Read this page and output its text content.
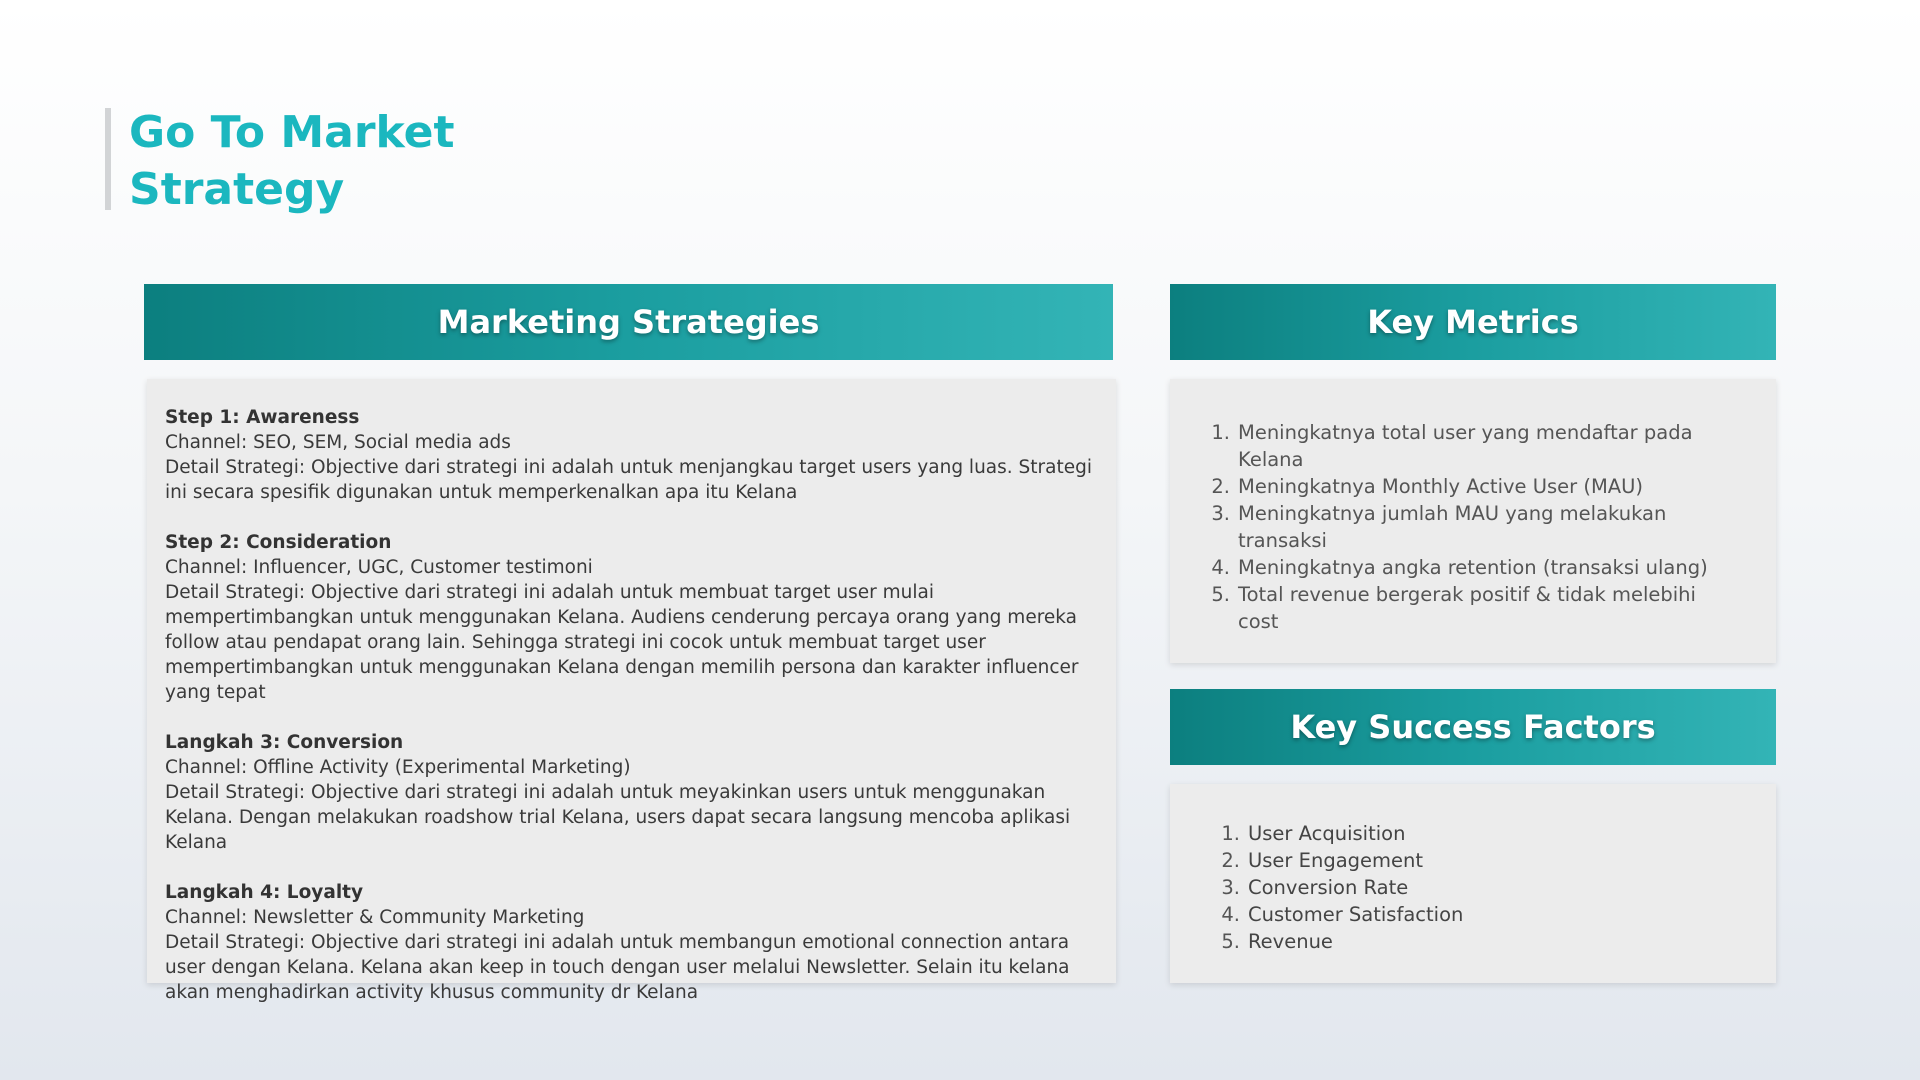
Go To Market
Strategy
Marketing Strategies
Step 1: Awareness
Channel: SEO, SEM, Social media ads
Detail Strategi: Objective dari strategi ini adalah untuk menjangkau target users yang luas. Strategi ini secara spesifik digunakan untuk memperkenalkan apa itu Kelana
Step 2: Consideration
Channel: Influencer, UGC, Customer testimoni
Detail Strategi: Objective dari strategi ini adalah untuk membuat target user mulai mempertimbangkan untuk menggunakan Kelana. Audiens cenderung percaya orang yang mereka follow atau pendapat orang lain. Sehingga strategi ini cocok untuk membuat target user mempertimbangkan untuk menggunakan Kelana dengan memilih persona dan karakter influencer yang tepat
Langkah 3: Conversion
Channel: Offline Activity (Experimental Marketing)
Detail Strategi: Objective dari strategi ini adalah untuk meyakinkan users untuk menggunakan Kelana. Dengan melakukan roadshow trial Kelana, users dapat secara langsung mencoba aplikasi Kelana
Langkah 4: Loyalty
Channel: Newsletter & Community Marketing
Detail Strategi: Objective dari strategi ini adalah untuk membangun emotional connection antara user dengan Kelana. Kelana akan keep in touch dengan user melalui Newsletter. Selain itu kelana akan menghadirkan activity khusus community dr Kelana
Key Metrics
1. Meningkatnya total user yang mendaftar pada Kelana
2. Meningkatnya Monthly Active User (MAU)
3. Meningkatnya jumlah MAU yang melakukan transaksi
4. Meningkatnya angka retention (transaksi ulang)
5. Total revenue bergerak positif & tidak melebihi cost
Key Success Factors
1. User Acquisition
2. User Engagement
3. Conversion Rate
4. Customer Satisfaction
5. Revenue
